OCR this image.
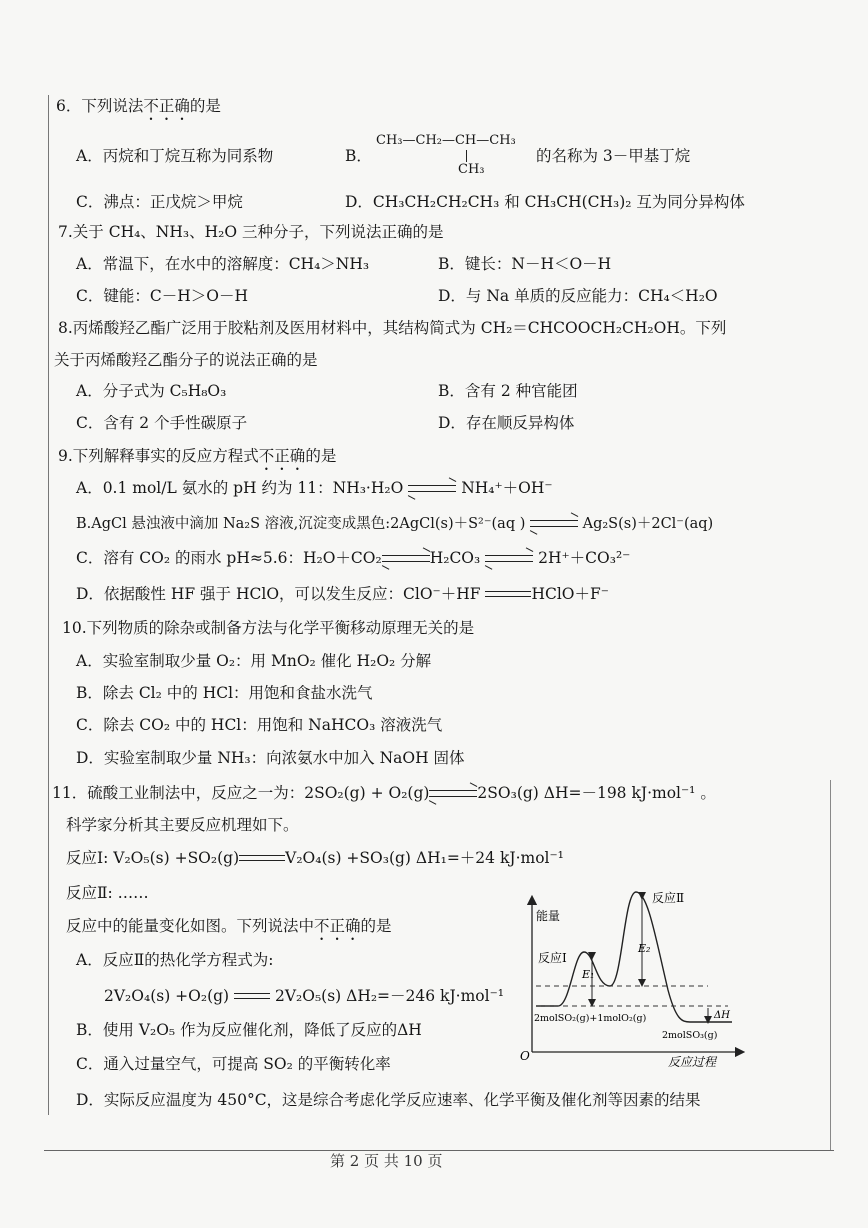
6．下列说法不正确的是
A．丙烷和丁烷互称为同系物	B．
CH₃—CH₂—CH—CH₃
CH₃
的名称为 3－甲基丁烷
C．沸点：正戊烷＞甲烷	D．CH₃CH₂CH₂CH₃ 和 CH₃CH(CH₃)₂ 互为同分异构体
7.关于 CH₄、NH₃、H₂O 三种分子，下列说法正确的是
A．常温下，在水中的溶解度：CH₄＞NH₃	B．键长：N－H＜O－H
C．键能：C－H＞O－H	D．与 Na 单质的反应能力：CH₄＜H₂O
8.丙烯酸羟乙酯广泛用于胶粘剂及医用材料中，其结构简式为 CH₂＝CHCOOCH₂CH₂OH。下列
关于丙烯酸羟乙酯分子的说法正确的是
A．分子式为 C₅H₈O₃	B．含有 2 种官能团
C．含有 2 个手性碳原子	D．存在顺反异构体
9.下列解释事实的反应方程式不正确的是
A．0.1 mol/L 氨水的 pH 约为 11：NH₃·H₂O ⇌ NH₄⁺＋OH⁻
B.AgCl 悬浊液中滴加 Na₂S 溶液,沉淀变成黑色:2AgCl(s)＋S²⁻(aq ) ⇌ Ag₂S(s)＋2Cl⁻(aq)
C．溶有 CO₂ 的雨水 pH≈5.6：H₂O＋CO₂⇌H₂CO₃ ⇌ 2H⁺＋CO₃²⁻
D．依据酸性 HF 强于 HClO，可以发生反应：ClO⁻＋HF	HClO＋F⁻
10.下列物质的除杂或制备方法与化学平衡移动原理无关的是
A．实验室制取少量 O₂：用 MnO₂ 催化 H₂O₂ 分解
B．除去 Cl₂ 中的 HCl：用饱和食盐水洗气
C．除去 CO₂ 中的 HCl：用饱和 NaHCO₃ 溶液洗气
D．实验室制取少量 NH₃：向浓氨水中加入 NaOH 固体
11．硫酸工业制法中，反应之一为：2SO₂(g) + O₂(g)⇌2SO₃(g) ΔH=－198 kJ·mol⁻¹ 。
科学家分析其主要反应机理如下。
反应Ⅰ: V₂O₅(s) +SO₂(g)	V₂O₄(s) +SO₃(g) ΔH₁=＋24 kJ·mol⁻¹
反应Ⅱ: ……
反应中的能量变化如图。下列说法中不正确的是
A．反应Ⅱ的热化学方程式为:
2V₂O₄(s) +O₂(g)	2V₂O₅(s) ΔH₂=－246 kJ·mol⁻¹
B．使用 V₂O₅ 作为反应催化剂，降低了反应的ΔH
C．通入过量空气，可提高 SO₂ 的平衡转化率
D．实际反应温度为 450°C，这是综合考虑化学反应速率、化学平衡及催化剂等因素的结果
能量
反应过程
O
反应Ⅰ
反应Ⅱ
E₁
E₂
2molSO₂(g)+1molO₂(g)
2molSO₃(g)
ΔH
第 2 页 共 10 页
